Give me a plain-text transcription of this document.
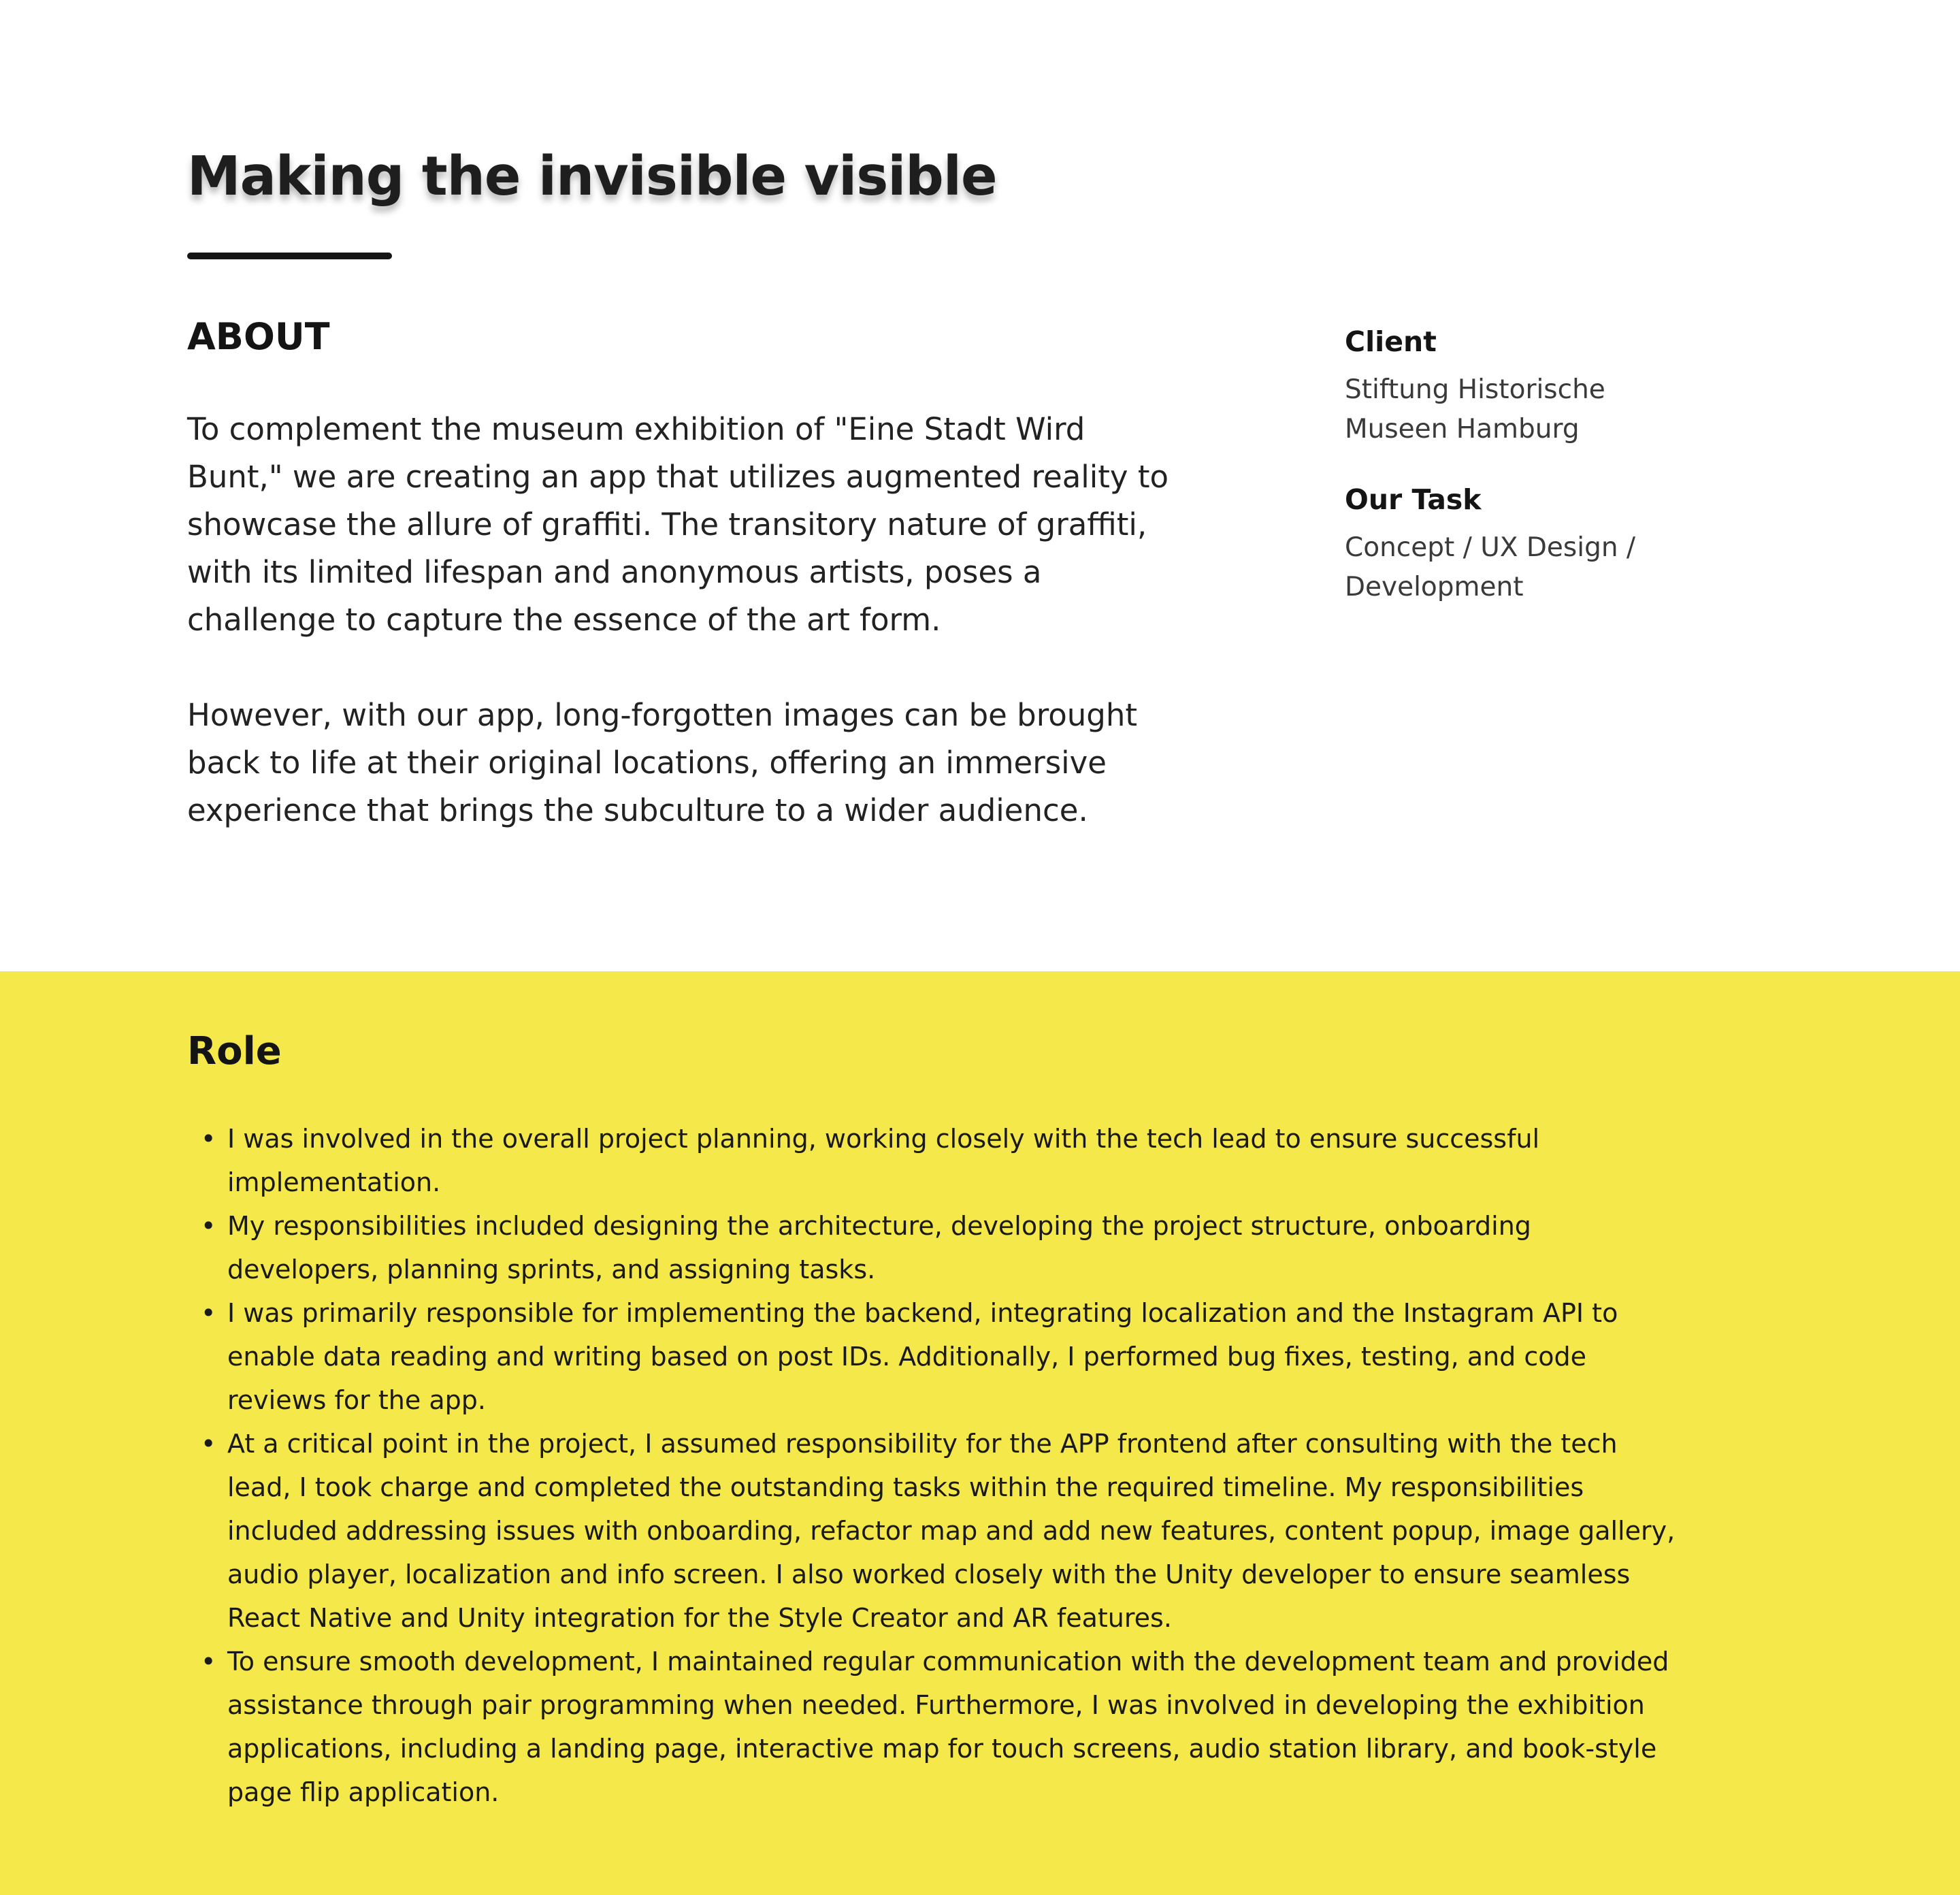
Making the invisible visible
ABOUT

To complement the museum exhibition of "Eine Stadt Wird Bunt," we are creating an app that utilizes augmented reality to showcase the allure of graffiti. The transitory nature of graffiti, with its limited lifespan and anonymous artists, poses a challenge to capture the essence of the art form.

However, with our app, long-forgotten images can be brought back to life at their original locations, offering an immersive experience that brings the subculture to a wider audience.

Client

Stiftung Historische
Museen Hamburg

Our Task

Concept / UX Design /
Development

Role
• I was involved in the overall project planning, working closely with the tech lead to ensure successful implementation.
• My responsibilities included designing the architecture, developing the project structure, onboarding developers, planning sprints, and assigning tasks.
• I was primarily responsible for implementing the backend, integrating localization and the Instagram API to enable data reading and writing based on post IDs. Additionally, I performed bug fixes, testing, and code reviews for the app.
• At a critical point in the project, I assumed responsibility for the APP frontend after consulting with the tech lead, I took charge and completed the outstanding tasks within the required timeline. My responsibilities included addressing issues with onboarding, refactor map and add new features, content popup, image gallery, audio player, localization and info screen. I also worked closely with the Unity developer to ensure seamless React Native and Unity integration for the Style Creator and AR features.
• To ensure smooth development, I maintained regular communication with the development team and provided assistance through pair programming when needed. Furthermore, I was involved in developing the exhibition applications, including a landing page, interactive map for touch screens, audio station library, and book-style page flip application.
